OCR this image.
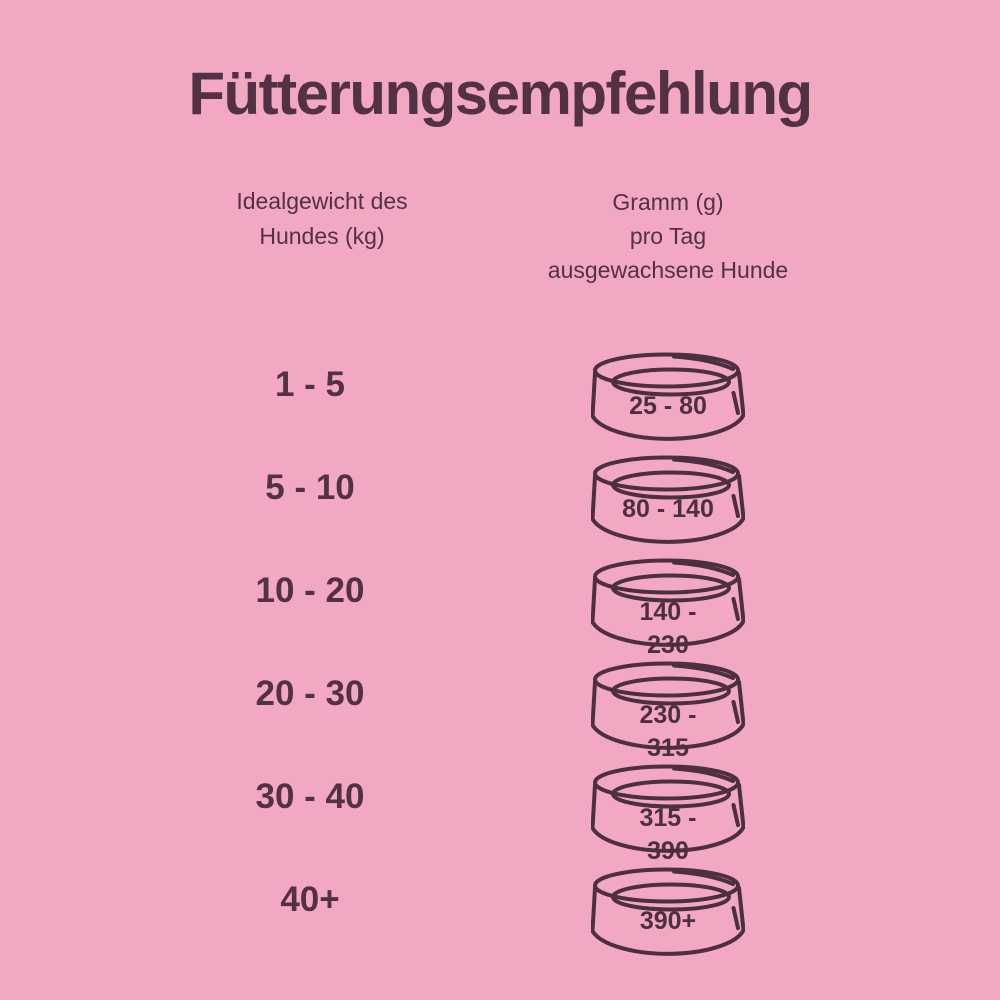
Fütterungsempfehlung
Idealgewicht des
Hundes (kg)
Gramm (g)
pro Tag
ausgewachsene Hunde
1 - 5
25 - 80
5 - 10
80 - 140
10 - 20
140 -
230
20 - 30
230 -
315
30 - 40
315 -
390
40+
390+
